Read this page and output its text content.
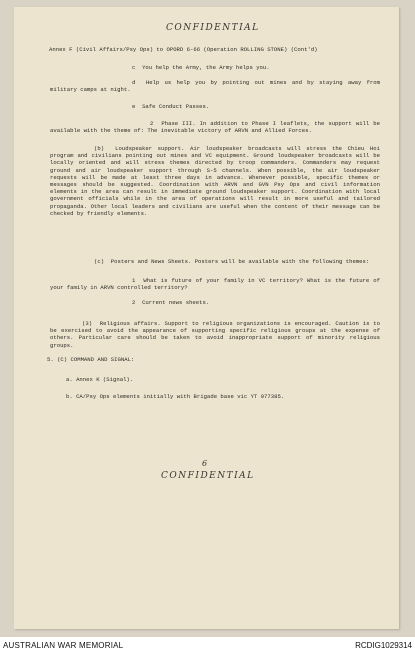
CONFIDENTIAL
Annex F (Civil Affairs/Psy Ops) to OPORD 6-66 (Operation ROLLING STONE) (Cont'd)
c  You help the Army, the Army helps you.
d  Help us help you by pointing out mines and by staying away from military camps at night.
e  Safe Conduct Passes.
2  Phase III. In addition to Phase I leaflets, the support will be available with the theme of: The inevitable victory of ARVN and Allied Forces.
(b)  Loudspeaker support. Air loudspeaker broadcasts will stress the Chieu Hoi program and civilians pointing out mines and VC equipment. Ground loudspeaker broadcasts will be locally oriented and will stress themes directed by troop commanders. Commanders may request ground and air loudspeaker support through S-5 channels. When possible, the air loudspeaker requests will be made at least three days in advance. Whenever possible, specific themes or messages should be suggested. Coordination with ARVN and GVN Psy Ops and civil information elements in the area can result in immediate ground loudspeaker support. Coordination with local government officials while in the area of operations will result in more useful and tailored propaganda. Other local leaders and civilians are useful when the content of their message can be checked by friendly elements.
(c)  Posters and News Sheets. Posters will be available with the following themes:
1  What is future of your family in VC territory? What is the future of your family in ARVN controlled territory?
2  Current news sheets.
(3)  Religious affairs. Support to religious organizations is encouraged. Caution is to be exercised to avoid the appearance of supporting specific religious groups at the expense of others. Particular care should be taken to avoid inappropriate support of minority religious groups.
5. (C) COMMAND AND SIGNAL:
a. Annex K (Signal).
b. CA/Psy Ops elements initially with Brigade base vic YT 077385.
6
CONFIDENTIAL
AUSTRALIAN WAR MEMORIAL	RCDIG1029314
